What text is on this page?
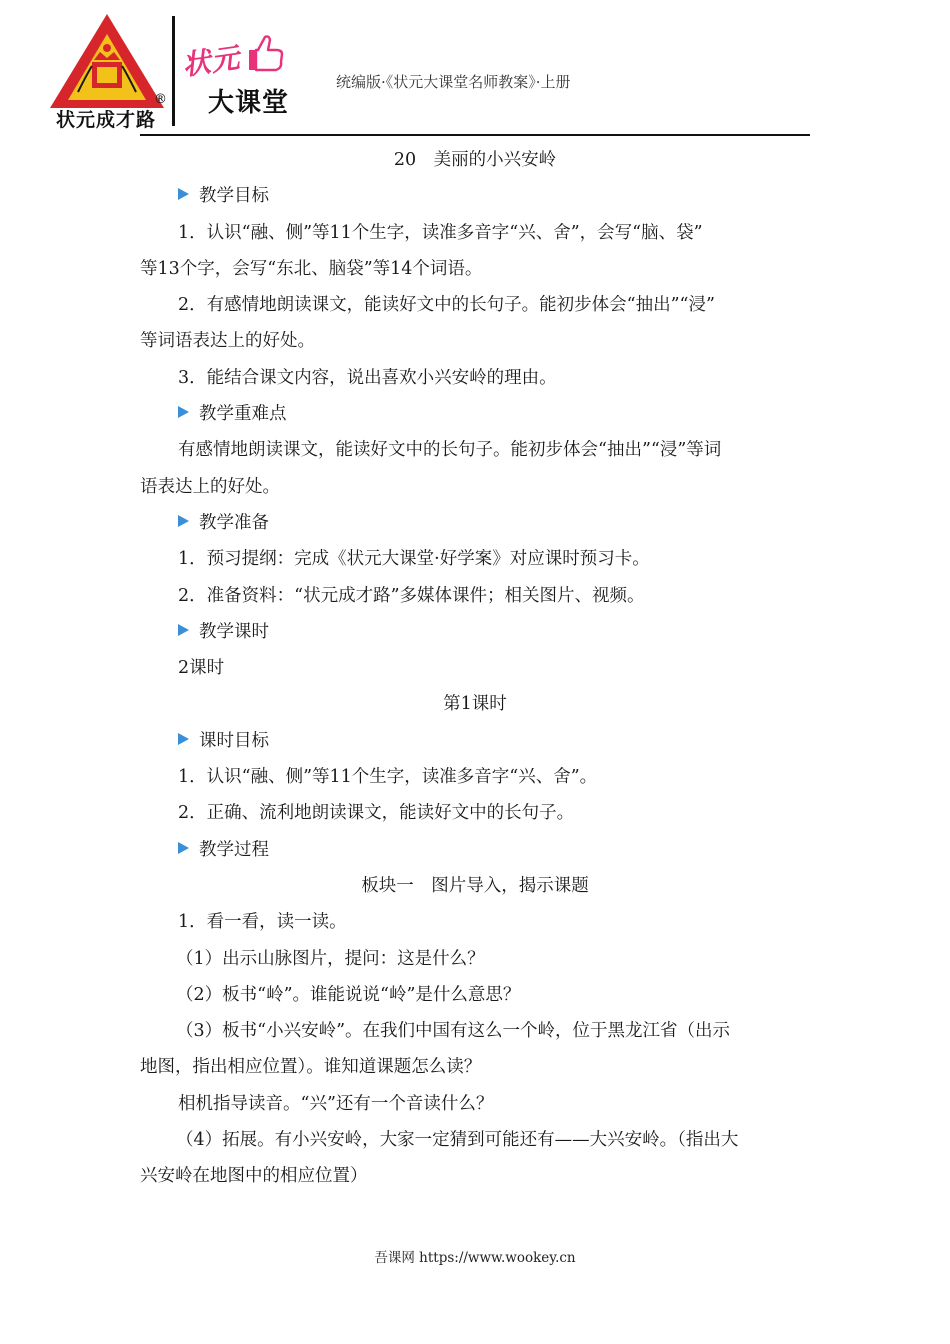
状元成才路
®
状元
大课堂
统编版·《状元大课堂名师教案》·上册
20　美丽的小兴安岭
教学目标
1．认识“融、侧”等11个生字，读准多音字“兴、舍”，会写“脑、袋”
等13个字，会写“东北、脑袋”等14个词语。
2．有感情地朗读课文，能读好文中的长句子。能初步体会“抽出”“浸”
等词语表达上的好处。
3．能结合课文内容，说出喜欢小兴安岭的理由。
教学重难点
有感情地朗读课文，能读好文中的长句子。能初步体会“抽出”“浸”等词
语表达上的好处。
教学准备
1．预习提纲：完成《状元大课堂·好学案》对应课时预习卡。
2．准备资料：“状元成才路”多媒体课件；相关图片、视频。
教学课时
2课时
第1课时
课时目标
1．认识“融、侧”等11个生字，读准多音字“兴、舍”。
2．正确、流利地朗读课文，能读好文中的长句子。
教学过程
板块一　图片导入，揭示课题
1．看一看，读一读。
（1）出示山脉图片，提问：这是什么？
（2）板书“岭”。谁能说说“岭”是什么意思？
（3）板书“小兴安岭”。在我们中国有这么一个岭，位于黑龙江省（出示
地图，指出相应位置）。谁知道课题怎么读？
相机指导读音。“兴”还有一个音读什么？
（4）拓展。有小兴安岭，大家一定猜到可能还有——大兴安岭。（指出大
兴安岭在地图中的相应位置）
吾课网 https://www.wookey.cn
